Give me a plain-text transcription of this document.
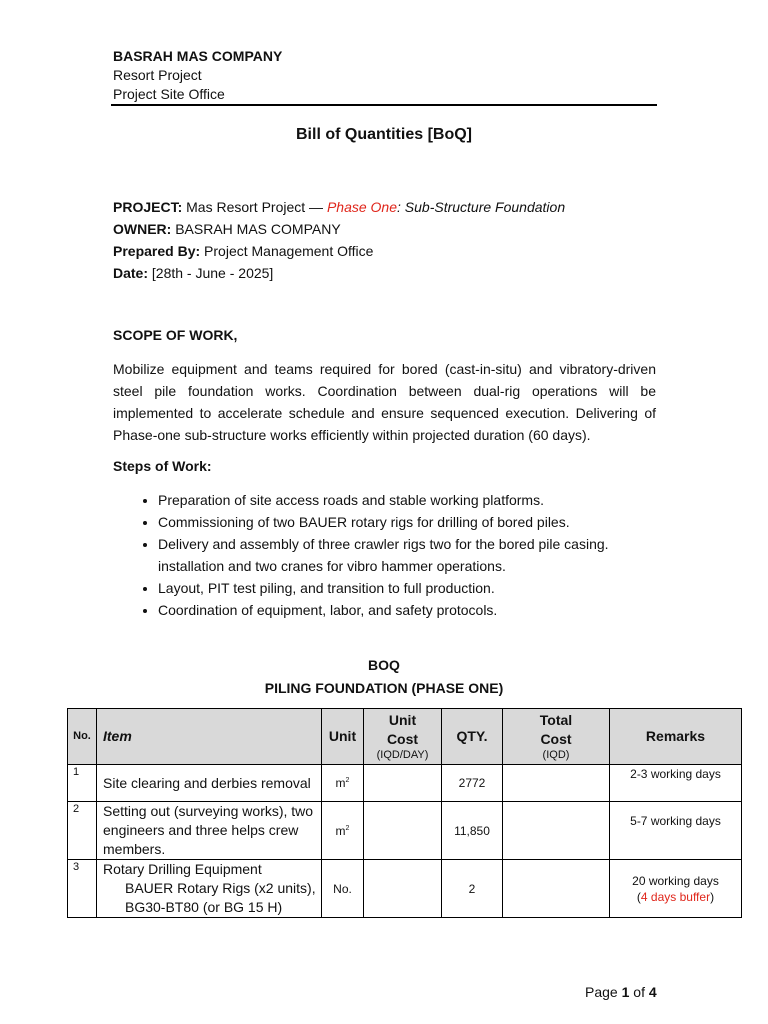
BASRAH MAS COMPANY
Resort Project
Project Site Office
Bill of Quantities [BoQ]
PROJECT: Mas Resort Project — Phase One: Sub-Structure Foundation
OWNER: BASRAH MAS COMPANY
Prepared By: Project Management Office
Date: [28th - June - 2025]
SCOPE OF WORK,
Mobilize equipment and teams required for bored (cast-in-situ) and vibratory-driven steel pile foundation works. Coordination between dual-rig operations will be implemented to accelerate schedule and ensure sequenced execution. Delivering of Phase-one sub-structure works efficiently within projected duration (60 days).
Steps of Work:
• Preparation of site access roads and stable working platforms.
• Commissioning of two BAUER rotary rigs for drilling of bored piles.
• Delivery and assembly of three crawler rigs two for the bored pile casing. installation and two cranes for vibro hammer operations.
• Layout, PIT test piling, and transition to full production.
• Coordination of equipment, labor, and safety protocols.
BOQ
PILING FOUNDATION (PHASE ONE)
No.	Item	Unit	Unit Cost
(IQD/DAY)	QTY.	Total Cost
(IQD)	Remarks
1	Site clearing and derbies removal	$m^2$		2772		2-3 working days
2	Setting out (surveying works), two engineers and three helps crew members.	$m^2$		11,850		5-7 working days
3	Rotary Drilling Equipment
BAUER Rotary Rigs (x2 units), BG30-BT80 (or BG 15 H)	No.		2		20 working days
(4 days buffer)
Page 1 of 4
